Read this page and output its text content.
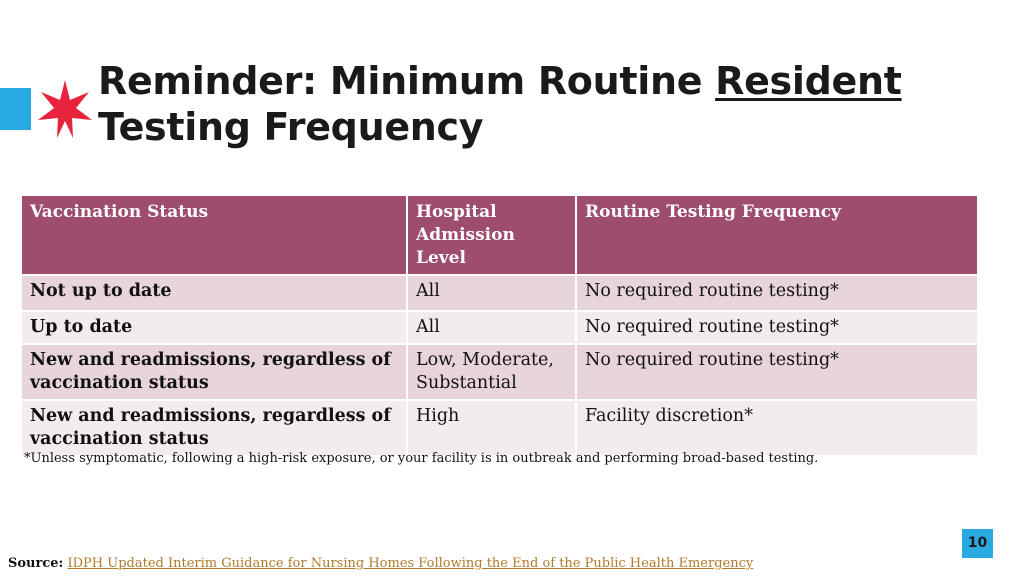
Reminder: Minimum Routine Resident
Testing Frequency
Vaccination Status	Hospital Admission Level	Routine Testing Frequency
Not up to date	All	No required routine testing*
Up to date	All	No required routine testing*
New and readmissions, regardless of vaccination status	Low, Moderate, Substantial	No required routine testing*
New and readmissions, regardless of vaccination status	High	Facility discretion*
*Unless symptomatic, following a high-risk exposure, or your facility is in outbreak and performing broad-based testing.
10
Source: IDPH Updated Interim Guidance for Nursing Homes Following the End of the Public Health Emergency
